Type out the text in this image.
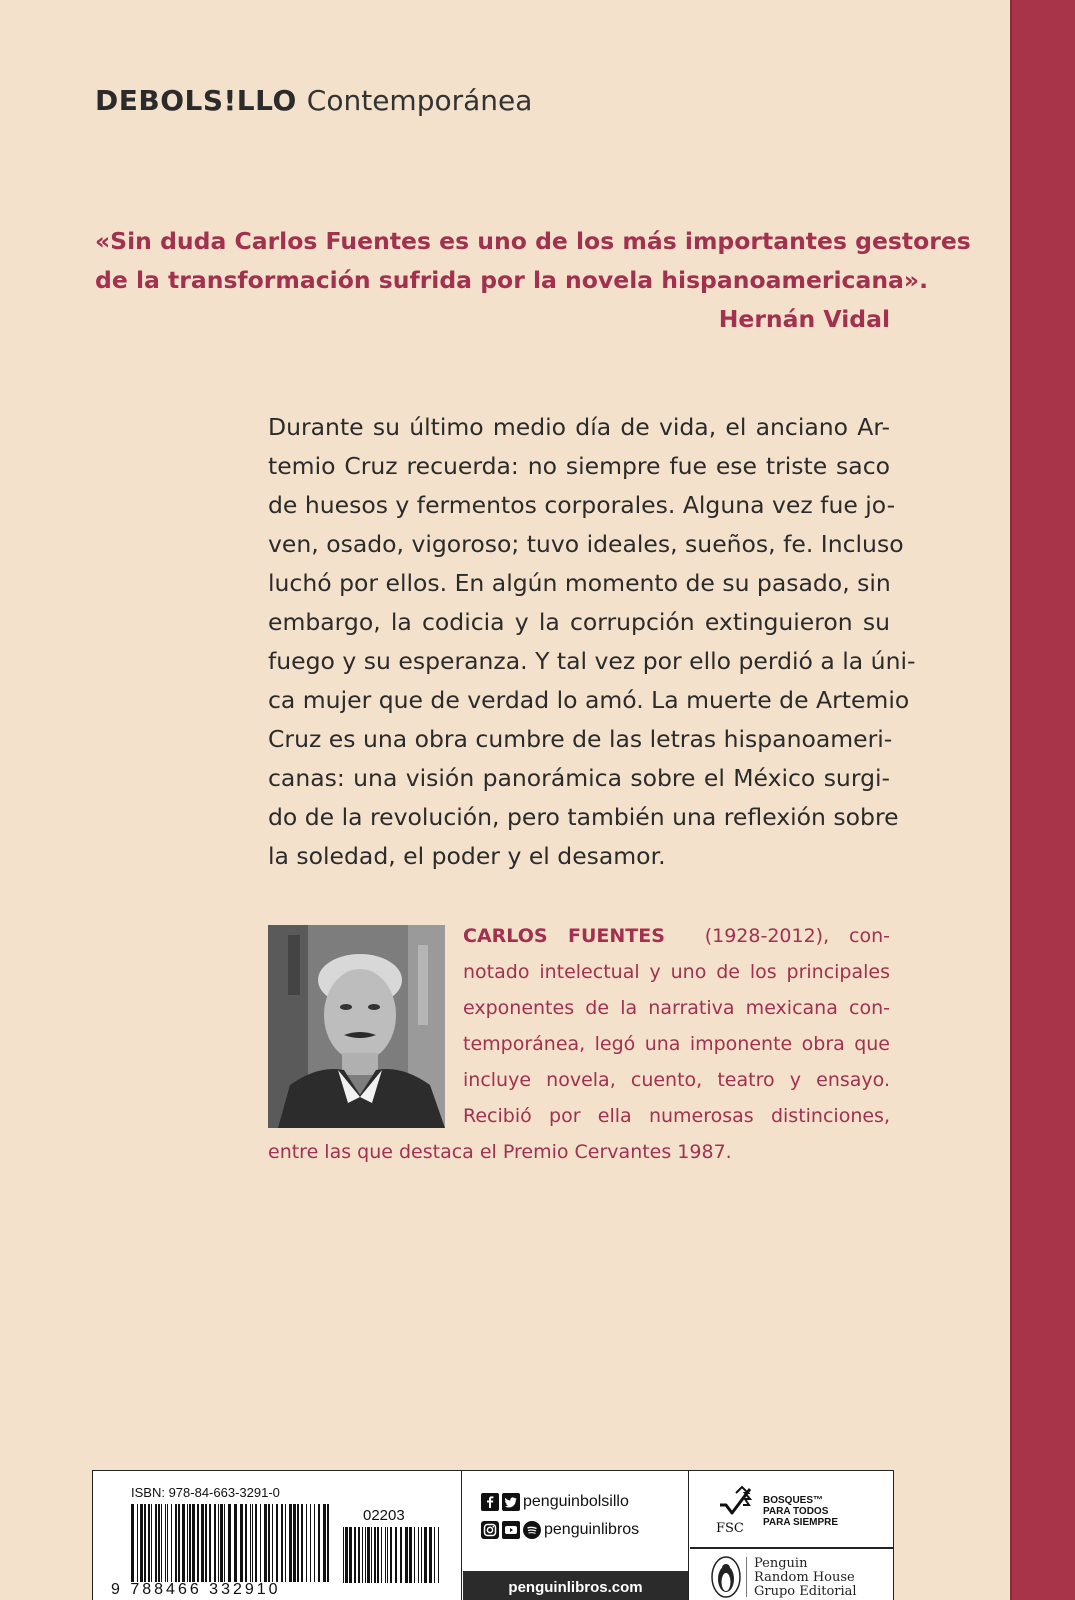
DEBOLS!LLO Contemporánea
«Sin duda Carlos Fuentes es uno de los más importantes gestores
de la transformación sufrida por la novela hispanoamericana».
Hernán Vidal
Durante su último medio día de vida, el anciano Ar-
temio Cruz recuerda: no siempre fue ese triste saco
de huesos y fermentos corporales. Alguna vez fue jo-
ven, osado, vigoroso; tuvo ideales, sueños, fe. Incluso
luchó por ellos. En algún momento de su pasado, sin
embargo, la codicia y la corrupción extinguieron su
fuego y su esperanza. Y tal vez por ello perdió a la úni-
ca mujer que de verdad lo amó. La muerte de Artemio
Cruz es una obra cumbre de las letras hispanoameri-
canas: una visión panorámica sobre el México surgi-
do de la revolución, pero también una reflexión sobre
la soledad, el poder y el desamor.
CARLOS FUENTES (1928-2012), con-
notado intelectual y uno de los principales
exponentes de la narrativa mexicana con-
temporánea, legó una imponente obra que
incluye novela, cuento, teatro y ensayo.
Recibió por ella numerosas distinciones,
entre las que destaca el Premio Cervantes 1987.
ISBN: 978-84-663-3291-0
02203
9 788466 332910
penguinbolsillo
penguinlibros
penguinlibros.com
FSC
BOSQUES™
PARA TODOS
PARA SIEMPRE
Penguin
Random House
Grupo Editorial
